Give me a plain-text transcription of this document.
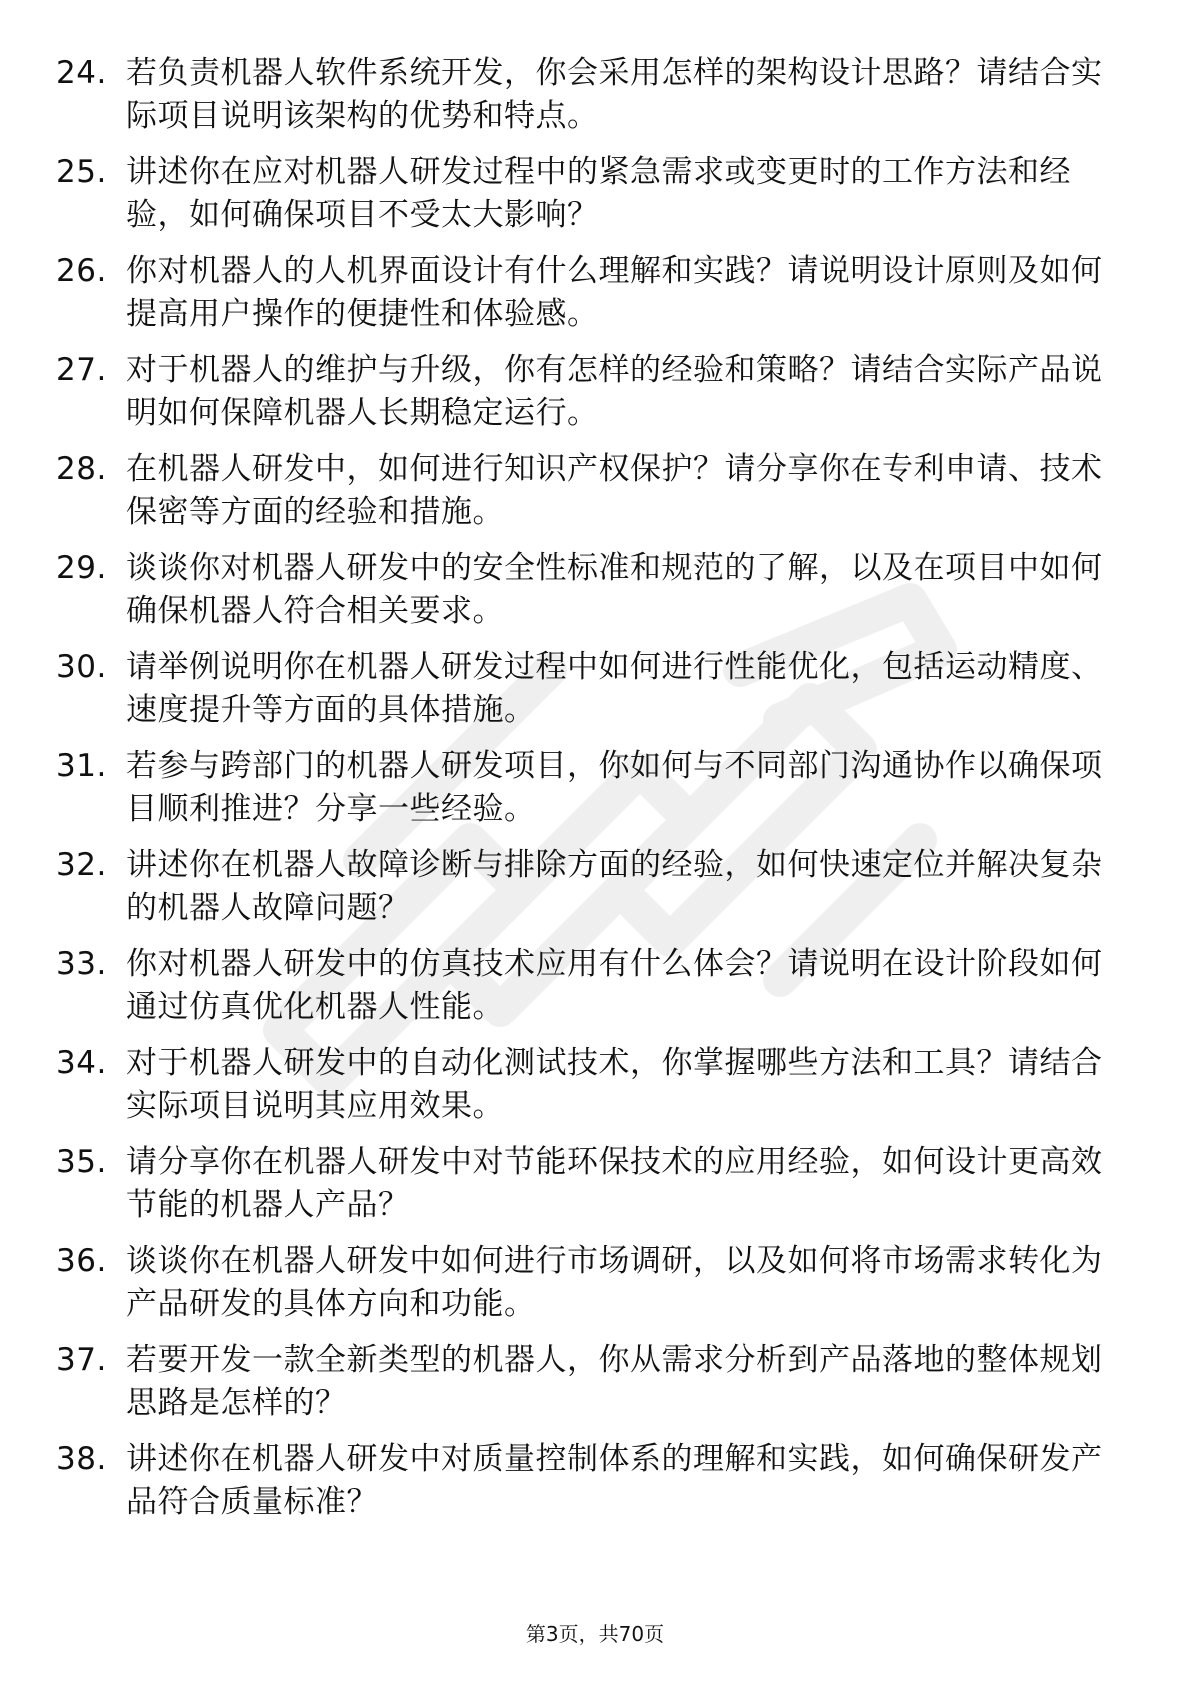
24. 若负责机器人软件系统开发，你会采用怎样的架构设计思路？请结合实际项目说明该架构的优势和特点。
25. 讲述你在应对机器人研发过程中的紧急需求或变更时的工作方法和经验，如何确保项目不受太大影响？
26. 你对机器人的人机界面设计有什么理解和实践？请说明设计原则及如何提高用户操作的便捷性和体验感。
27. 对于机器人的维护与升级，你有怎样的经验和策略？请结合实际产品说明如何保障机器人长期稳定运行。
28. 在机器人研发中，如何进行知识产权保护？请分享你在专利申请、技术保密等方面的经验和措施。
29. 谈谈你对机器人研发中的安全性标准和规范的了解，以及在项目中如何确保机器人符合相关要求。
30. 请举例说明你在机器人研发过程中如何进行性能优化，包括运动精度、速度提升等方面的具体措施。
31. 若参与跨部门的机器人研发项目，你如何与不同部门沟通协作以确保项目顺利推进？分享一些经验。
32. 讲述你在机器人故障诊断与排除方面的经验，如何快速定位并解决复杂的机器人故障问题？
33. 你对机器人研发中的仿真技术应用有什么体会？请说明在设计阶段如何通过仿真优化机器人性能。
34. 对于机器人研发中的自动化测试技术，你掌握哪些方法和工具？请结合实际项目说明其应用效果。
35. 请分享你在机器人研发中对节能环保技术的应用经验，如何设计更高效节能的机器人产品？
36. 谈谈你在机器人研发中如何进行市场调研，以及如何将市场需求转化为产品研发的具体方向和功能。
37. 若要开发一款全新类型的机器人，你从需求分析到产品落地的整体规划思路是怎样的？
38. 讲述你在机器人研发中对质量控制体系的理解和实践，如何确保研发产品符合质量标准？
第3页，共70页
